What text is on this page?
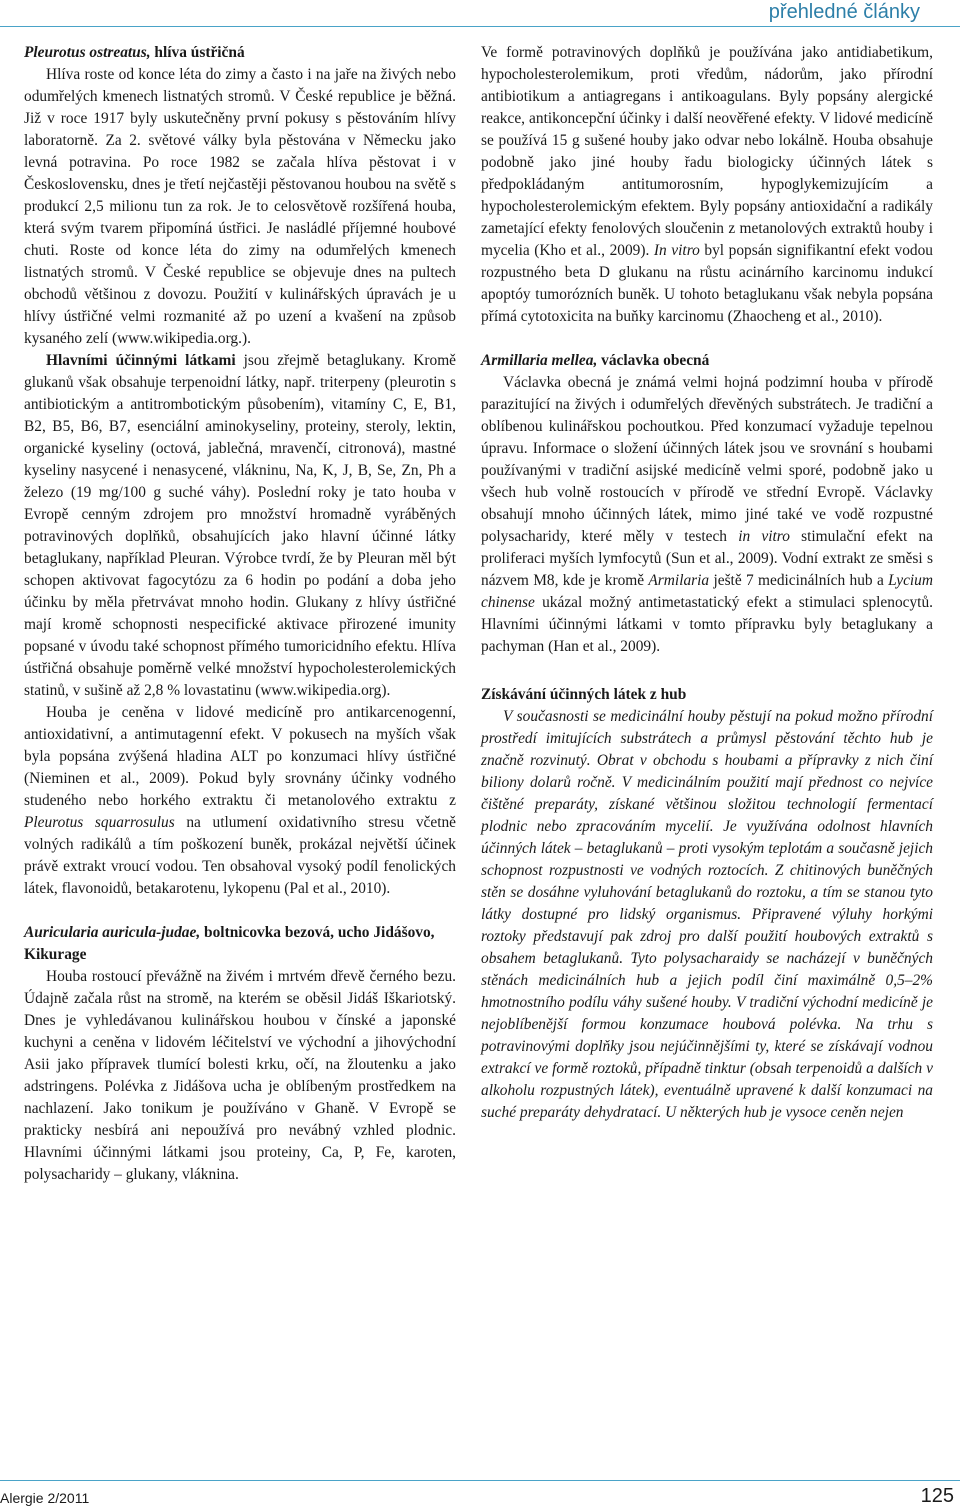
přehledné články

Pleurotus ostreatus, hlíva ústřičná

Hlíva roste od konce léta do zimy a často i na jaře na živých nebo odumřelých kmenech listnatých stromů. V České republice je běžná. Již v roce 1917 byly uskutečněny první pokusy s pěstováním hlívy laboratorně. Za 2. světové války byla pěstována v Německu jako levná potravina. Po roce 1982 se začala hlíva pěstovat i v Československu, dnes je třetí nejčastěji pěstovanou houbou na světě s produkcí 2,5 milionu tun za rok. Je to celosvětově rozšířená houba, která svým tvarem připomíná ústřici. Je nasládlé příjemné houbové chuti. Roste od konce léta do zimy na odumřelých kmenech listnatých stromů. V České republice se objevuje dnes na pultech obchodů většinou z dovozu. Použití v kulinářských úpravách je u hlívy ústřičné velmi rozmanité až po uzení a kvašení na způsob kysaného zelí (www.wikipedia.org.).

Hlavními účinnými látkami jsou zřejmě betaglukany. Kromě glukanů však obsahuje terpenoidní látky, např. triterpeny (pleurotin s antibiotickým a antitrombotickým působením), vitamíny C, E, B1, B2, B5, B6, B7, esenciální aminokyseliny, proteiny, steroly, lektin, organické kyseliny (octová, jablečná, mravenčí, citronová), mastné kyseliny nasycené i nenasycené, vlákninu, Na, K, J, B, Se, Zn, Ph a železo (19 mg/100 g suché váhy). Poslední roky je tato houba v Evropě cenným zdrojem pro množství hromadně vyráběných potravinových doplňků, obsahujících jako hlavní účinné látky betaglukany, například Pleuran. Výrobce tvrdí, že by Pleuran měl být schopen aktivovat fagocytózu za 6 hodin po podání a doba jeho účinku by měla přetrvávat mnoho hodin. Glukany z hlívy ústřičné mají kromě schopnosti nespecifické aktivace přirozené imunity popsané v úvodu také schopnost přímého tumoricidního efektu. Hlíva ústřičná obsahuje poměrně velké množství hypocholesterolemických statinů, v sušině až 2,8 % lovastatinu (www.wikipedia.org).

Houba je ceněna v lidové medicíně pro antikarcenogenní, antioxidativní, a antimutagenní efekt. V pokusech na myších však byla popsána zvýšená hladina ALT po konzumaci hlívy ústřičné (Nieminen et al., 2009). Pokud byly srovnány účinky vodného studeného nebo horkého extraktu či metanolového extraktu z Pleurotus squarrosulus na utlumení oxidativního stresu včetně volných radikálů a tím poškození buněk, prokázal největší účinek právě extrakt vroucí vodou. Ten obsahoval vysoký podíl fenolických látek, flavonoidů, betakarotenu, lykopenu (Pal et al., 2010).

Auricularia auricula-judae, boltnicovka bezová, ucho Jidášovo, Kikurage

Houba rostoucí převážně na živém i mrtvém dřevě černého bezu. Údajně začala růst na stromě, na kterém se oběsil Jidáš Iškariotský. Dnes je vyhledávanou kulinářskou houbou v čínské a japonské kuchyni a ceněna v lidovém léčitelství ve východní a jihovýchodní Asii jako přípravek tlumící bolesti krku, očí, na žloutenku a jako adstringens. Polévka z Jidášova ucha je oblíbeným prostředkem na nachlazení. Jako tonikum je používáno v Ghaně. V Evropě se prakticky nesbírá ani nepoužívá pro nevábný vzhled plodnic. Hlavními účinnými látkami jsou proteiny, Ca, P, Fe, karoten, polysacharidy – glukany, vláknina.

Ve formě potravinových doplňků je používána jako antidiabetikum, hypocholesterolemikum, proti vředům, nádorům, jako přírodní antibiotikum a antiagregans i antikoagulans. Byly popsány alergické reakce, antikoncepční účinky i další neověřené efekty. V lidové medicíně se používá 15 g sušené houby jako odvar nebo lokálně. Houba obsahuje podobně jako jiné houby řadu biologicky účinných látek s předpokládaným antitumorosním, hypoglykemizujícím a hypocholesterolemickým efektem. Byly popsány antioxidační a radikály zametající efekty fenolových sloučenin z metanolových extraktů houby i mycelia (Kho et al., 2009). In vitro byl popsán signifikantní efekt vodou rozpustného beta D glukanu na růstu acinárního karcinomu indukcí apoptóy tumorózních buněk. U tohoto betaglukanu však nebyla popsána přímá cytotoxicita na buňky karcinomu (Zhaocheng et al., 2010).

Armillaria mellea, václavka obecná

Václavka obecná je známá velmi hojná podzimní houba v přírodě parazitující na živých i odumřelých dřevěných substrátech. Je tradiční a oblíbenou kulinářskou pochoutkou. Před konzumací vyžaduje tepelnou úpravu. Informace o složení účinných látek jsou ve srovnání s houbami používanými v tradiční asijské medicíně velmi sporé, podobně jako u všech hub volně rostoucích v přírodě ve střední Evropě. Václavky obsahují mnoho účinných látek, mimo jiné také ve vodě rozpustné polysacharidy, které měly v testech in vitro stimulační efekt na proliferaci myších lymfocytů (Sun et al., 2009). Vodní extrakt ze směsi s názvem M8, kde je kromě Armilaria ještě 7 medicinálních hub a Lycium chinense ukázal možný antimetastatický efekt a stimulaci splenocytů. Hlavními účinnými látkami v tomto přípravku byly betaglukany a pachyman (Han et al., 2009).

Získávání účinných látek z hub

V současnosti se medicinální houby pěstují na pokud možno přírodní prostředí imitujících substrátech a průmysl pěstování těchto hub je značně rozvinutý. Obrat v obchodu s houbami a přípravky z nich činí biliony dolarů ročně. V medicinálním použití mají přednost co nejvíce čištěné preparáty, získané většinou složitou technologií fermentací plodnic nebo zpracováním mycelií. Je využívána odolnost hlavních účinných látek – betaglukanů – proti vysokým teplotám a současně jejich schopnost rozpustnosti ve vodných roztocích. Z chitinových buněčných stěn se dosáhne vyluhování betaglukanů do roztoku, a tím se stanou tyto látky dostupné pro lidský organismus. Připravené výluhy horkými roztoky představují pak zdroj pro další použití houbových extraktů s obsahem betaglukanů. Tyto polysacharaidy se nacházejí v buněčných stěnách medicinálních hub a jejich podíl činí maximálně 0,5–2% hmotnostního podílu váhy sušené houby. V tradiční východní medicíně je nejoblíbenější formou konzumace houbová polévka. Na trhu s potravinovými doplňky jsou nejúčinnějšími ty, které se získávají vodnou extrakcí ve formě roztoků, případně tinktur (obsah terpenoidů a dalších v alkoholu rozpustných látek), eventuálně upravené k další konzumaci na suché preparáty dehydratací. U některých hub je vysoce ceněn nejen

Alergie 2/2011	125
